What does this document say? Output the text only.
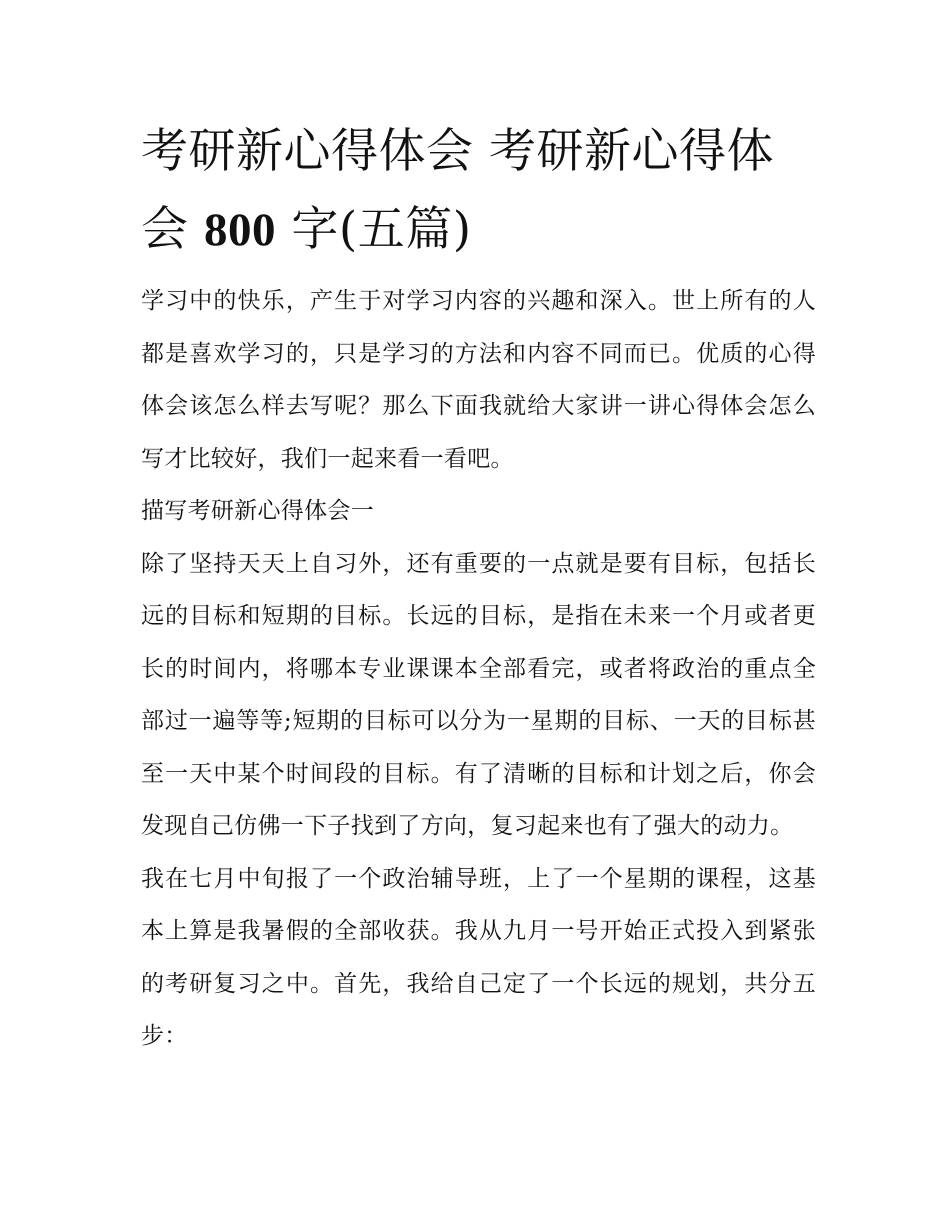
考研新心得体会 考研新心得体会 800 字(五篇)

学习中的快乐，产生于对学习内容的兴趣和深入。世上所有的人都是喜欢学习的，只是学习的方法和内容不同而已。优质的心得体会该怎么样去写呢？那么下面我就给大家讲一讲心得体会怎么写才比较好，我们一起来看一看吧。

描写考研新心得体会一

除了坚持天天上自习外，还有重要的一点就是要有目标，包括长远的目标和短期的目标。长远的目标，是指在未来一个月或者更长的时间内，将哪本专业课课本全部看完，或者将政治的重点全部过一遍等等;短期的目标可以分为一星期的目标、一天的目标甚至一天中某个时间段的目标。有了清晰的目标和计划之后，你会发现自己仿佛一下子找到了方向，复习起来也有了强大的动力。

我在七月中旬报了一个政治辅导班，上了一个星期的课程，这基本上算是我暑假的全部收获。我从九月一号开始正式投入到紧张的考研复习之中。首先，我给自己定了一个长远的规划，共分五步：
